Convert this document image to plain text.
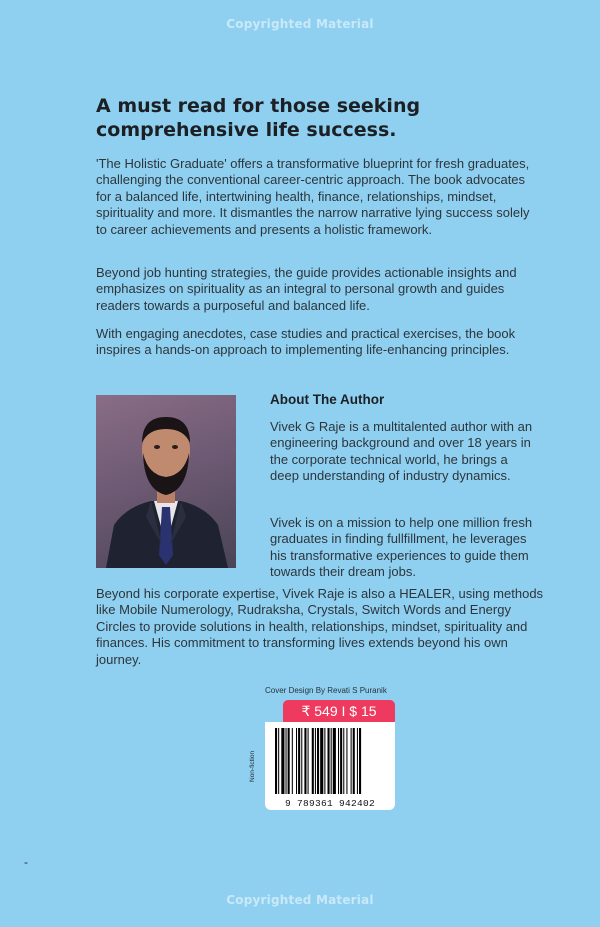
Copyrighted Material
A must read for those seeking comprehensive life success.

'The Holistic Graduate' offers a transformative blueprint for fresh graduates, challenging the conventional career-centric approach. The book advocates for a balanced life, intertwining health, finance, relationships, mindset, spirituality and more. It dismantles the narrow narrative lying success solely to career achievements and presents a holistic framework.

Beyond job hunting strategies, the guide provides actionable insights and emphasizes on spirituality as an integral to personal growth and guides readers towards a purposeful and balanced life.

With engaging anecdotes, case studies and practical exercises, the book inspires a hands-on approach to implementing life-enhancing principles.

About The Author

Vivek G Raje is a multitalented author with an engineering background and over 18 years in the corporate technical world, he brings a deep understanding of industry dynamics.

Vivek is on a mission to help one million fresh graduates in finding fullfillment, he leverages his transformative experiences to guide them towards their dream jobs.

Beyond his corporate expertise, Vivek Raje is also a HEALER, using methods like Mobile Numerology, Rudraksha, Crystals, Switch Words and Energy Circles to provide solutions in health, relationships, mindset, spirituality and finances. His commitment to transforming lives extends beyond his own journey.

Cover Design By Revati S Puranik
₹ 549 I $ 15
Non-fiction
9 789361 942402
-
Copyrighted Material
